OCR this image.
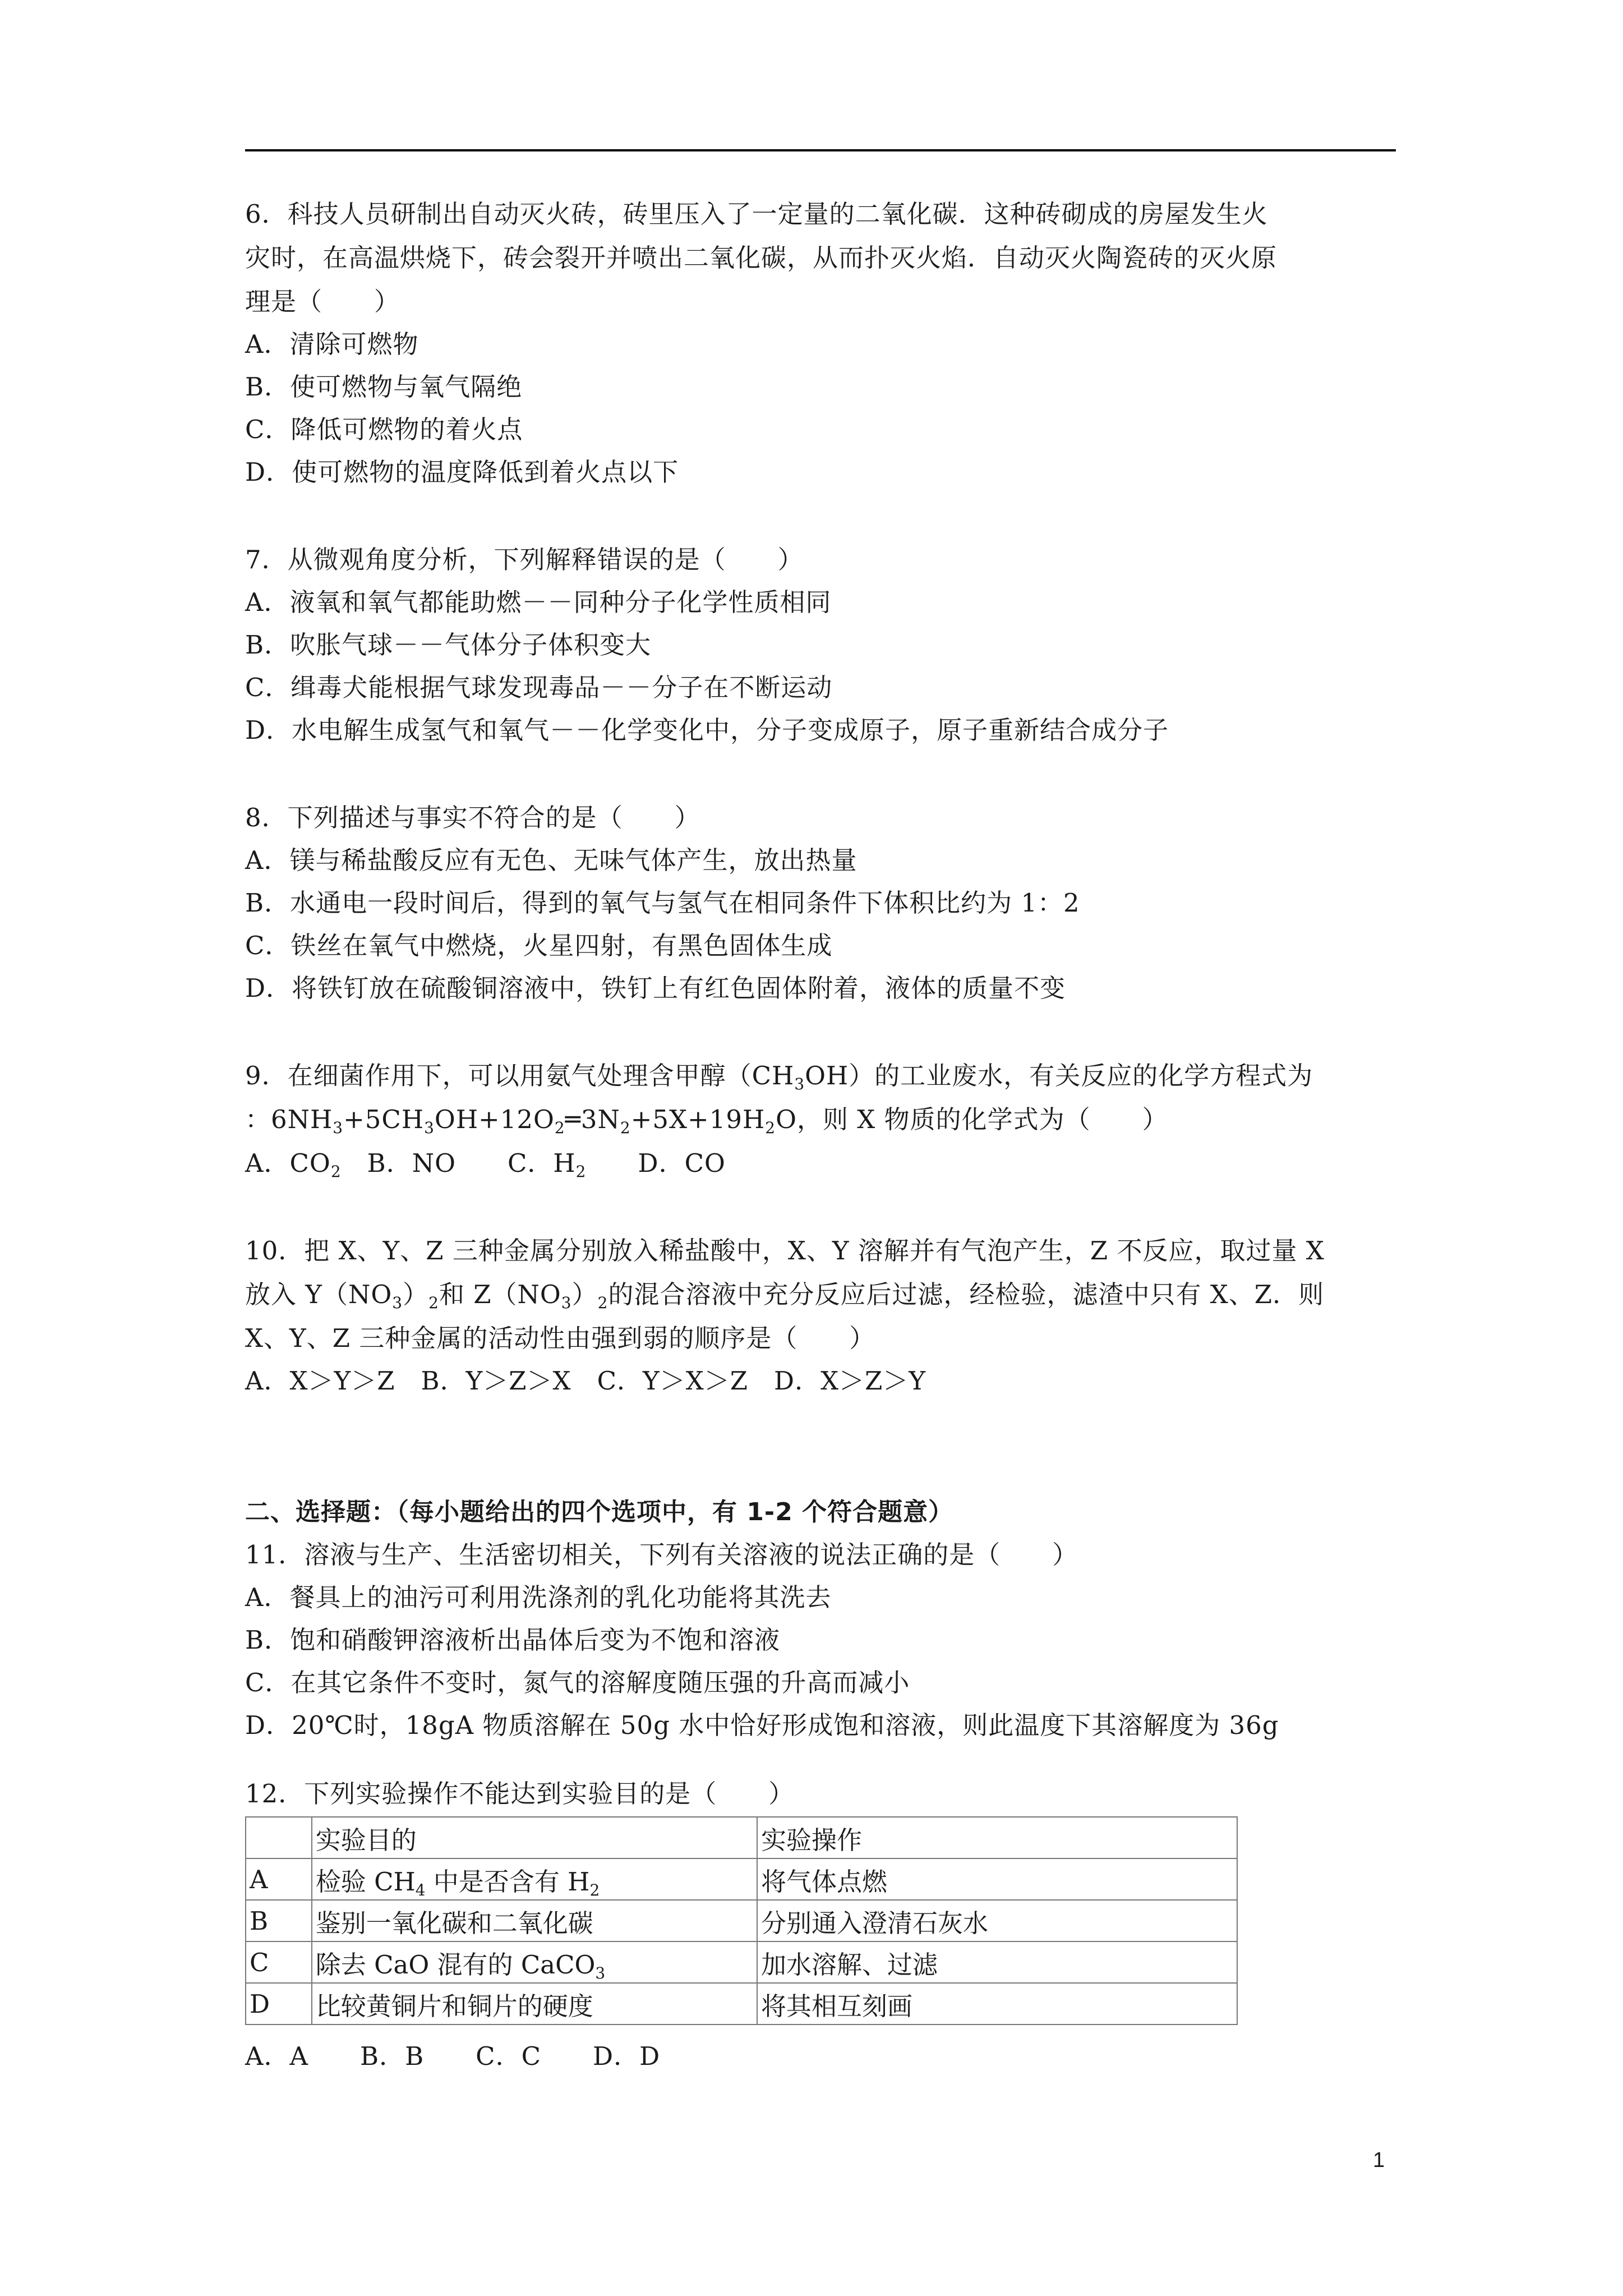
6．科技人员研制出自动灭火砖，砖里压入了一定量的二氧化碳．这种砖砌成的房屋发生火
灾时，在高温烘烧下，砖会裂开并喷出二氧化碳，从而扑灭火焰．自动灭火陶瓷砖的灭火原
理是（　　）
A．清除可燃物
B．使可燃物与氧气隔绝
C．降低可燃物的着火点
D．使可燃物的温度降低到着火点以下
7．从微观角度分析，下列解释错误的是（　　）
A．液氧和氧气都能助燃－－同种分子化学性质相同
B．吹胀气球－－气体分子体积变大
C．缉毒犬能根据气球发现毒品－－分子在不断运动
D．水电解生成氢气和氧气－－化学变化中，分子变成原子，原子重新结合成分子
8．下列描述与事实不符合的是（　　）
A．镁与稀盐酸反应有无色、无味气体产生，放出热量
B．水通电一段时间后，得到的氧气与氢气在相同条件下体积比约为 1：2
C．铁丝在氧气中燃烧，火星四射，有黑色固体生成
D．将铁钉放在硫酸铜溶液中，铁钉上有红色固体附着，液体的质量不变
9．在细菌作用下，可以用氨气处理含甲醇$(CH_3OH)$的工业废水，有关反应的化学方程式为
：$6NH_3+5CH_3OH+12O_2═3N_2+5X+19H_2O$，则 X 物质的化学式为（　　）
A．$CO_2$　B．NO　　C．$H_2$　　D．CO
10．把 X、Y、Z 三种金属分别放入稀盐酸中，X、Y 溶解并有气泡产生，Z 不反应，取过量 X
放入 $Y(NO_3)_2$和 $Z(NO_3)_2$的混合溶液中充分反应后过滤，经检验，滤渣中只有 X、Z．则
X、Y、Z 三种金属的活动性由强到弱的顺序是（　　）
A．X＞Y＞Z　B．Y＞Z＞X　C．Y＞X＞Z　D．X＞Z＞Y
二、选择题：（每小题给出的四个选项中，有 1-2 个符合题意）
11．溶液与生产、生活密切相关，下列有关溶液的说法正确的是（　　）
A．餐具上的油污可利用洗涤剂的乳化功能将其洗去
B．饱和硝酸钾溶液析出晶体后变为不饱和溶液
C．在其它条件不变时，氮气的溶解度随压强的升高而减小
D．20℃时，18gA 物质溶解在 50g 水中恰好形成饱和溶液，则此温度下其溶解度为 36g
12．下列实验操作不能达到实验目的是（　　）
	实验目的	实验操作
A	检验 $CH_4$ 中是否含有 $H_2$	将气体点燃
B	鉴别一氧化碳和二氧化碳	分别通入澄清石灰水
C	除去 CaO 混有的 CaCO$_3$	加水溶解、过滤
D	比较黄铜片和铜片的硬度	将其相互刻画
A．A　　B．B　　C．C　　D．D
1
